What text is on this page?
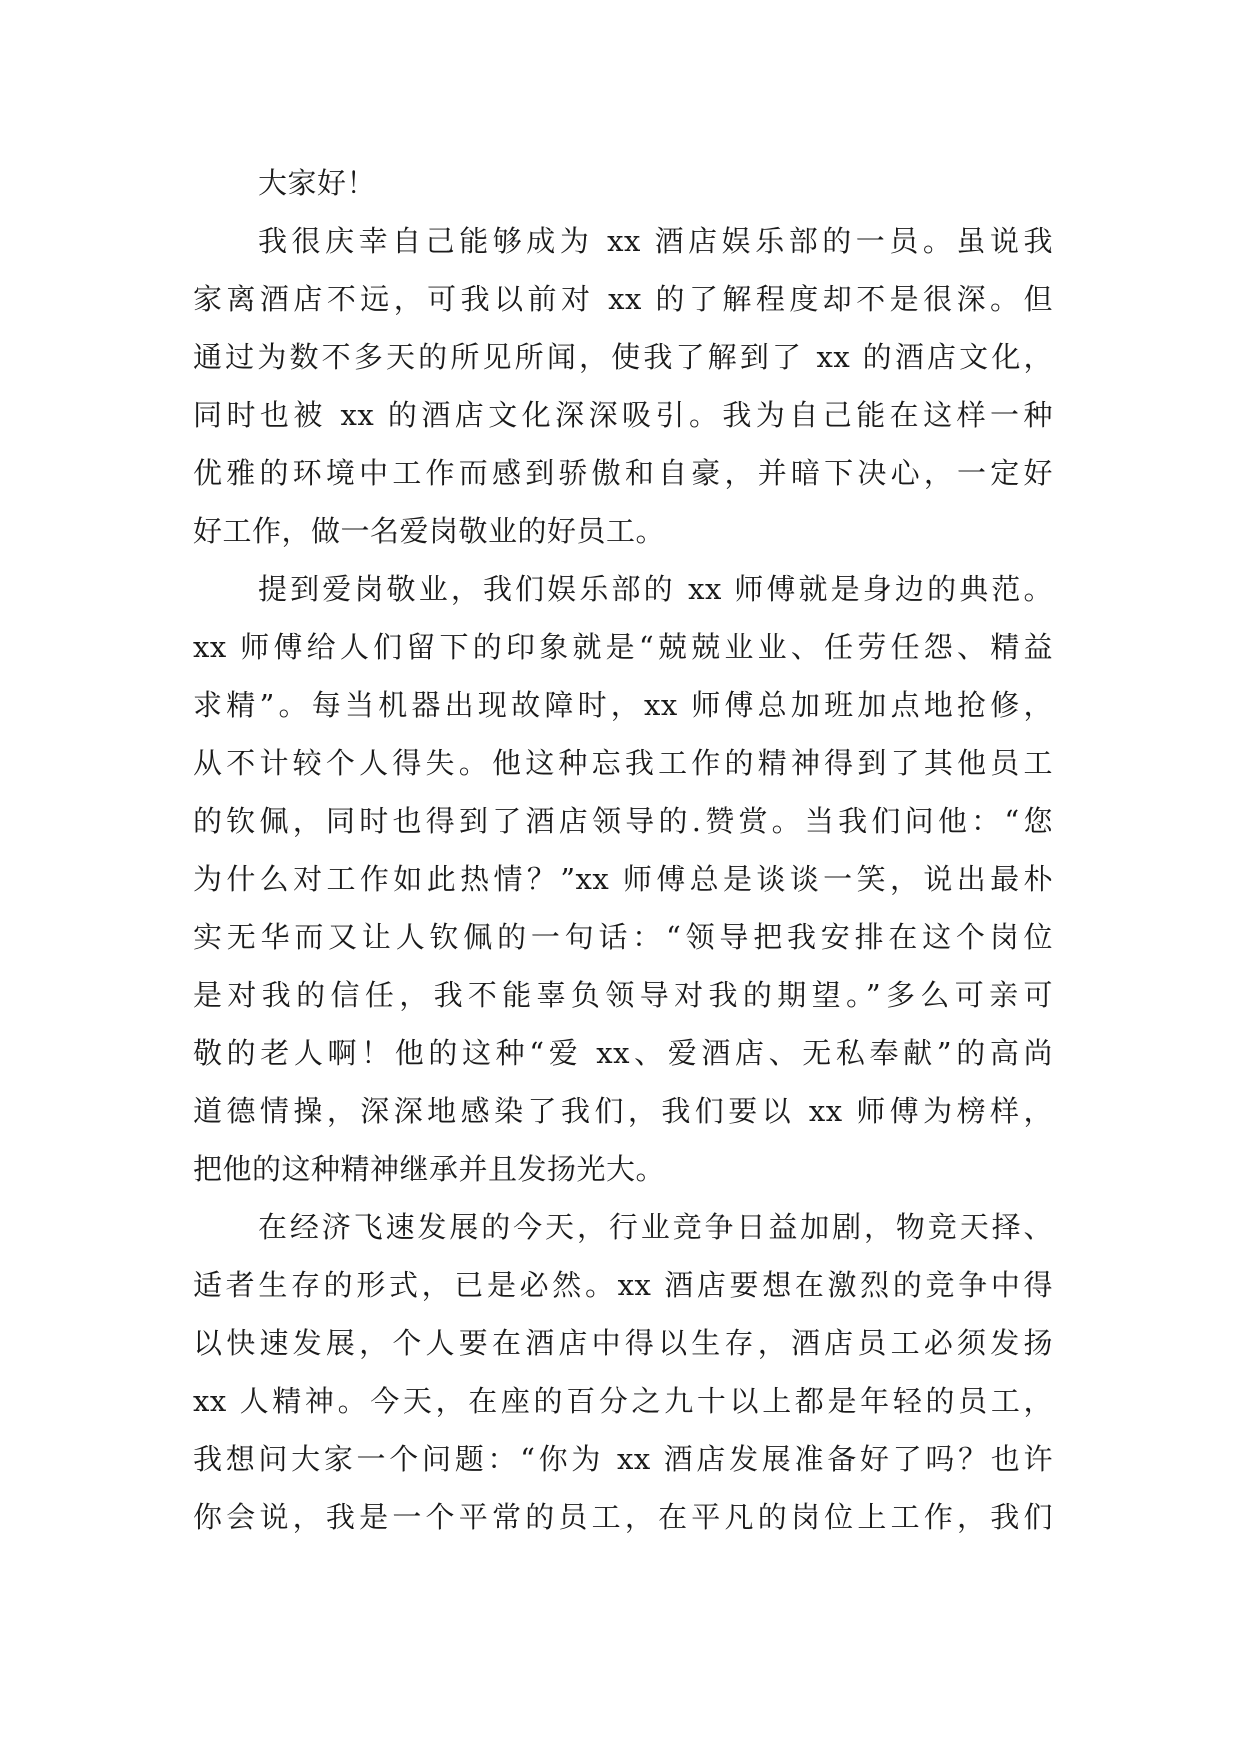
大家好！
我很庆幸自己能够成为 xx 酒店娱乐部的一员。虽说我
家离酒店不远，可我以前对 xx 的了解程度却不是很深。但
通过为数不多天的所见所闻，使我了解到了 xx 的酒店文化，
同时也被 xx 的酒店文化深深吸引。我为自己能在这样一种
优雅的环境中工作而感到骄傲和自豪，并暗下决心，一定好
好工作，做一名爱岗敬业的好员工。
提到爱岗敬业，我们娱乐部的 xx 师傅就是身边的典范。
xx 师傅给人们留下的印象就是“兢兢业业、任劳任怨、精益
求精”。每当机器出现故障时，xx 师傅总加班加点地抢修，
从不计较个人得失。他这种忘我工作的精神得到了其他员工
的钦佩，同时也得到了酒店领导的.赞赏。当我们问他：“您
为什么对工作如此热情？”xx 师傅总是谈谈一笑，说出最朴
实无华而又让人钦佩的一句话：“领导把我安排在这个岗位
是对我的信任，我不能辜负领导对我的期望。”多么可亲可
敬的老人啊！他的这种“爱 xx、爱酒店、无私奉献”的高尚
道德情操，深深地感染了我们，我们要以 xx 师傅为榜样，
把他的这种精神继承并且发扬光大。
在经济飞速发展的今天，行业竞争日益加剧，物竞天择、
适者生存的形式，已是必然。xx 酒店要想在激烈的竞争中得
以快速发展，个人要在酒店中得以生存，酒店员工必须发扬
xx 人精神。今天，在座的百分之九十以上都是年轻的员工，
我想问大家一个问题：“你为 xx 酒店发展准备好了吗？也许
你会说，我是一个平常的员工，在平凡的岗位上工作，我们
